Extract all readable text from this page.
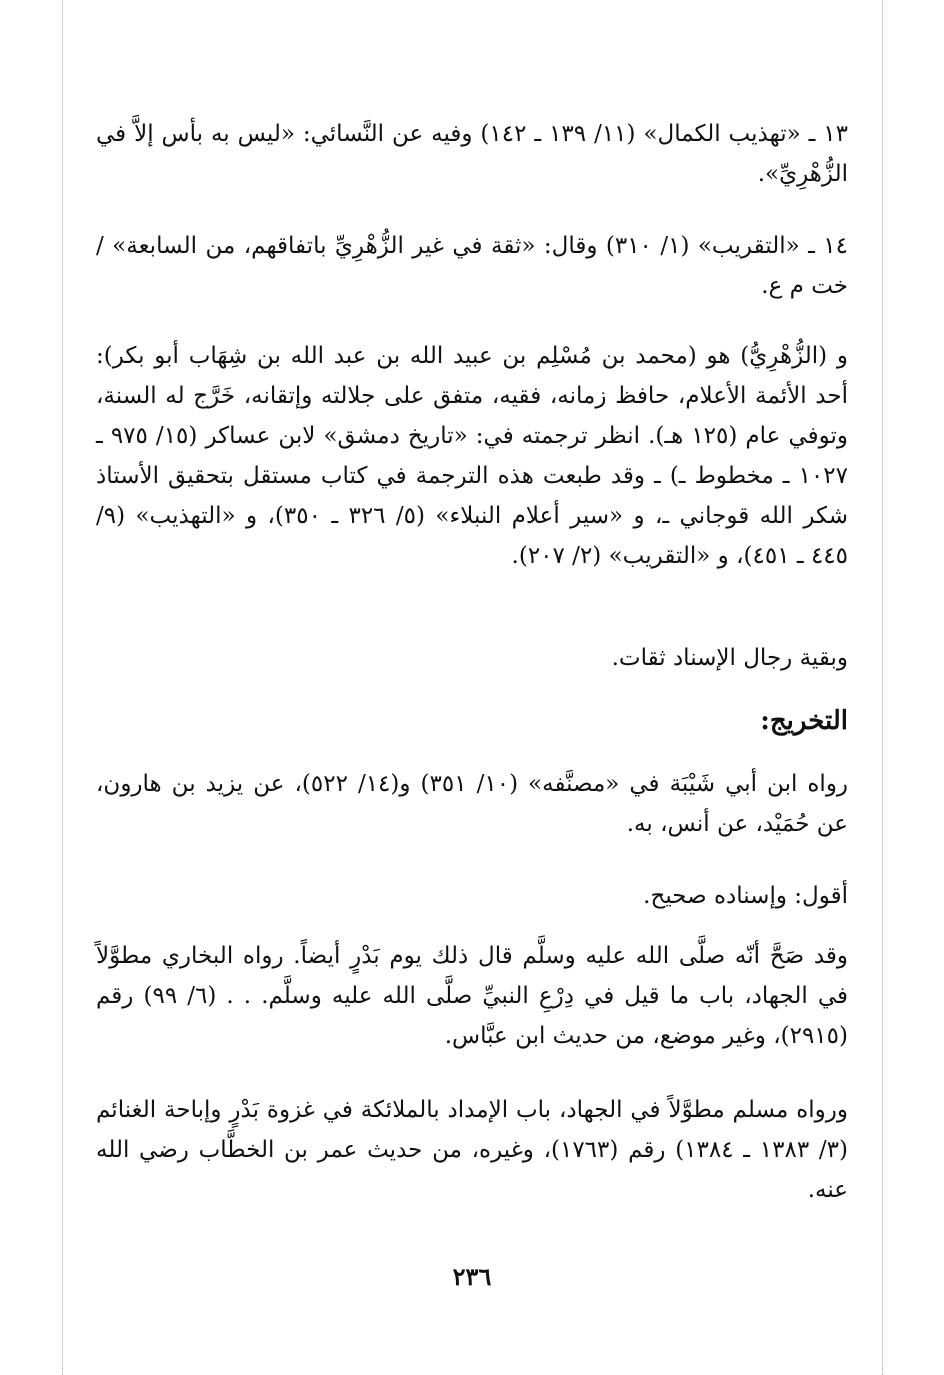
١٣ ـ «تهذيب الكمال» (١١/ ١٣٩ ـ ١٤٢) وفيه عن النَّسائي: «ليس به بأس إلاَّ في الزُّهْرِيِّ».

١٤ ـ «التقريب» (١/ ٣١٠) وقال: «ثقة في غير الزُّهْرِيِّ باتفاقهم، من السابعة» / خت م ع.

و (الزُّهْرِيُّ) هو (محمد بن مُسْلِم بن عبيد الله بن عبد الله بن شِهَاب أبو بكر): أحد الأئمة الأعلام، حافظ زمانه، فقيه، متفق على جلالته وإتقانه، خَرَّج له السنة، وتوفي عام (١٢٥ هـ). انظر ترجمته في: «تاريخ دمشق» لابن عساكر (١٥/ ٩٧٥ ـ ١٠٢٧ ـ مخطوط ـ) ـ وقد طبعت هذه الترجمة في كتاب مستقل بتحقيق الأستاذ شكر الله قوجاني ـ، و «سير أعلام النبلاء» (٥/ ٣٢٦ ـ ٣٥٠)، و «التهذيب» (٩/ ٤٤٥ ـ ٤٥١)، و «التقريب» (٢/ ٢٠٧).

وبقية رجال الإسناد ثقات.

التخريج:

رواه ابن أبي شَيْبَة في «مصنَّفه» (١٠/ ٣٥١) و(١٤/ ٥٢٢)، عن يزيد بن هارون، عن حُمَيْد، عن أنس، به.

أقول: وإسناده صحيح.

وقد صَحَّ أنّه صلَّى الله عليه وسلَّم قال ذلك يوم بَدْرٍ أيضاً. رواه البخاري مطوَّلاً في الجهاد، باب ما قيل في دِرْعِ النبيِّ صلَّى الله عليه وسلَّم. . . (٦/ ٩٩) رقم (٢٩١٥)، وغير موضع، من حديث ابن عبَّاس.

ورواه مسلم مطوَّلاً في الجهاد، باب الإمداد بالملائكة في غزوة بَدْرٍ وإباحة الغنائم (٣/ ١٣٨٣ ـ ١٣٨٤) رقم (١٧٦٣)، وغيره، من حديث عمر بن الخطَّاب رضي الله عنه.

٢٣٦
